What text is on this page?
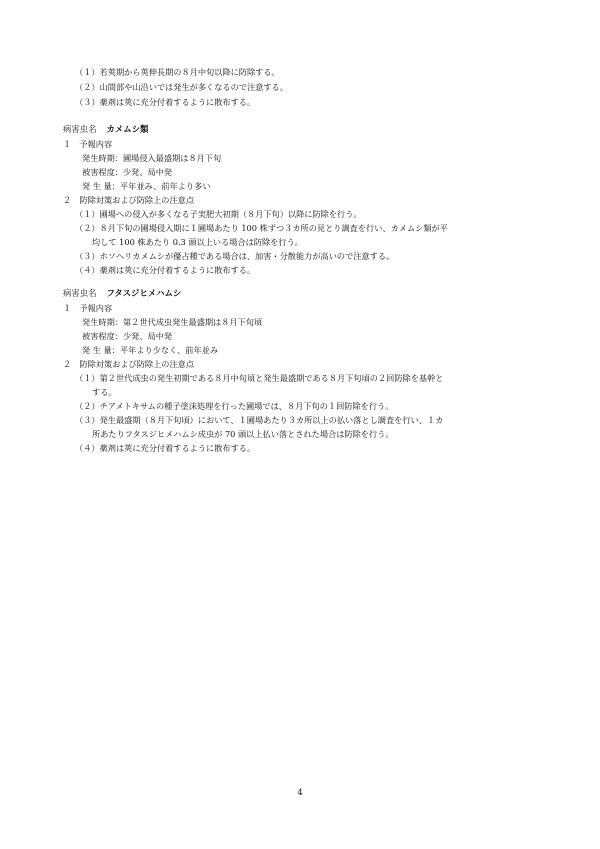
（１）若莢期から莢伸長期の８月中旬以降に防除する。
（２）山間部や山沿いでは発生が多くなるので注意する。
（３）薬剤は莢に充分付着するように散布する。
病害虫名 カメムシ類
１　予報内容
発生時期：圃場侵入最盛期は８月下旬
被害程度：少発、局中発
発 生 量：平年並み、前年より多い
２　防除対策および防除上の注意点
（１）圃場への侵入が多くなる子実肥大初期（８月下旬）以降に防除を行う。
（２）８月下旬の圃場侵入期に１圃場あたり 100 株ずつ３カ所の見とり調査を行い、カメムシ類が平
均して 100 株あたり 0.3 頭以上いる場合は防除を行う。
（３）ホソヘリカメムシが優占種である場合は、加害・分散能力が高いので注意する。
（４）薬剤は莢に充分付着するように散布する。
病害虫名 フタスジヒメハムシ
１　予報内容
発生時期：第２世代成虫発生最盛期は８月下旬頃
被害程度：少発、局中発
発 生 量：平年より少なく、前年並み
２　防除対策および防除上の注意点
（１）第２世代成虫の発生初期である８月中旬頃と発生最盛期である８月下旬頃の２回防除を基幹と
する。
（２）チアメトキサムの種子塗沫処理を行った圃場では、８月下旬の１回防除を行う。
（３）発生最盛期（８月下旬頃）において、１圃場あたり３カ所以上の払い落とし調査を行い、１カ
所あたりフタスジヒメハムシ成虫が 70 頭以上払い落とされた場合は防除を行う。
（４）薬剤は莢に充分付着するように散布する。
4
